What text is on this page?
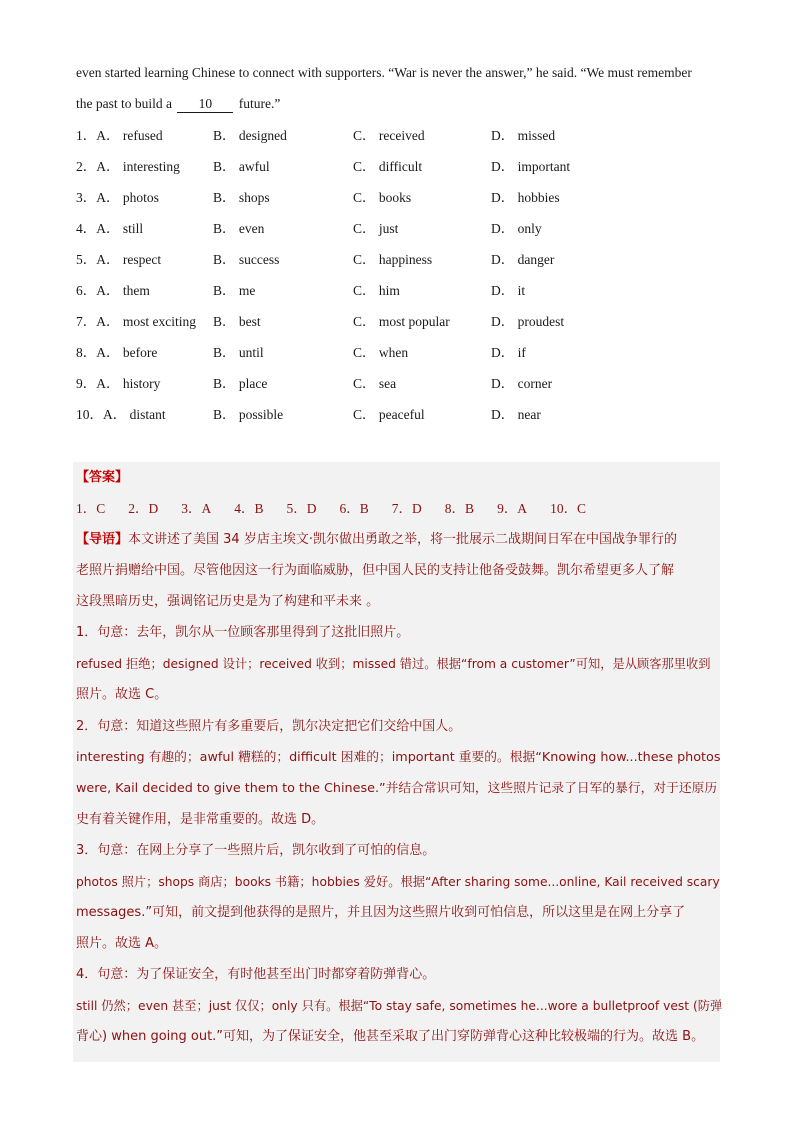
even started learning Chinese to connect with supporters. “War is never the answer,” he said. “We must remember
the past to build a 10 future.”
1．A． refused	B． designed	C． received	D． missed
2．A． interesting B． awful	C． difficult	D． important
3．A． photos	B． shops	C． books	D． hobbies
4．A． still	B． even	C． just	D． only
5．A． respect	B． success	C． happiness	D． danger
6．A． them	B． me	C． him	D． it
7．A． most exciting B． best	C． most popular	D． proudest
8．A． before	B． until	C． when	D． if
9．A． history	B． place	C． sea	D． corner
10．A． distant	B． possible	C． peaceful	D． near
【答案】
1．C 2．D 3．A 4．B 5．D 6．B 7．D 8．B 9．A 10．C
【导语】本文讲述了美国 34 岁店主埃文·凯尔做出勇敢之举，将一批展示二战期间日军在中国战争罪行的
老照片捐赠给中国。尽管他因这一行为面临威胁，但中国人民的支持让他备受鼓舞。凯尔希望更多人了解
这段黑暗历史，强调铭记历史是为了构建和平未来 。
1．句意：去年，凯尔从一位顾客那里得到了这批旧照片。
refused 拒绝；designed 设计；received 收到；missed 错过。根据“from a customer”可知，是从顾客那里收到
照片。故选 C。
2．句意：知道这些照片有多重要后，凯尔决定把它们交给中国人。
interesting 有趣的；awful 糟糕的；difficult 困难的；important 重要的。根据“Knowing how...these photos
were, Kail decided to give them to the Chinese.”并结合常识可知，这些照片记录了日军的暴行，对于还原历
史有着关键作用，是非常重要的。故选 D。
3．句意：在网上分享了一些照片后，凯尔收到了可怕的信息。
photos 照片；shops 商店；books 书籍；hobbies 爱好。根据“After sharing some...online, Kail received scary
messages.”可知，前文提到他获得的是照片，并且因为这些照片收到可怕信息，所以这里是在网上分享了
照片。故选 A。
4．句意：为了保证安全，有时他甚至出门时都穿着防弹背心。
still 仍然；even 甚至；just 仅仅；only 只有。根据“To stay safe, sometimes he...wore a bulletproof vest (防弹
背心) when going out.”可知，为了保证安全，他甚至采取了出门穿防弹背心这种比较极端的行为。故选 B。
